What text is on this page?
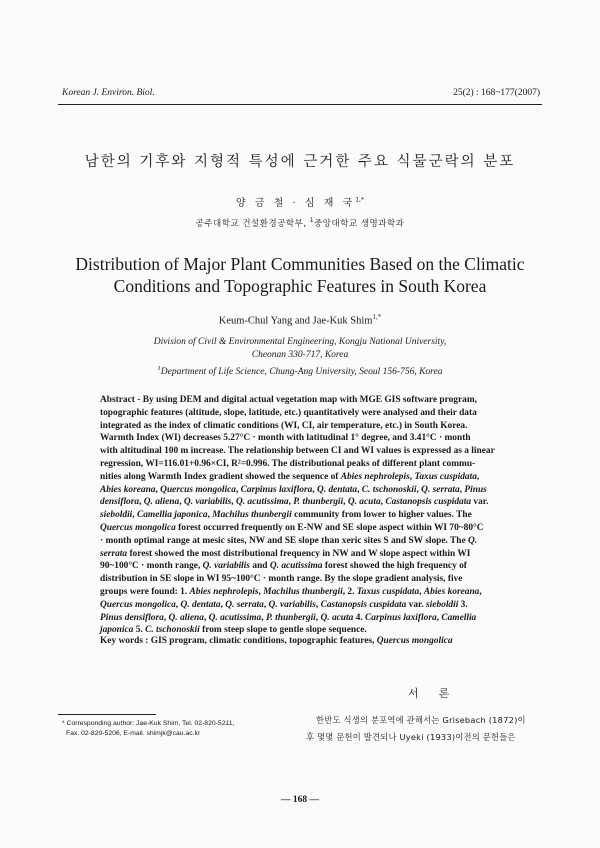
Korean J. Environ. Biol.	25(2) : 168~177(2007)
남한의 기후와 지형적 특성에 근거한 주요 식물군락의 분포
양 금 철 · 심 재 국$^{1,*}$
공주대학교 건설환경공학부, $^1$중앙대학교 생명과학과
Distribution of Major Plant Communities Based on the Climatic
Conditions and Topographic Features in South Korea
Keum-Chul Yang and Jae-Kuk Shim$^{1,*}$
Division of Civil & Environmental Engineering, Kongju National University,
Cheonan 330-717, Korea
$^1$Department of Life Science, Chung-Ang University, Seoul 156-756, Korea
Abstract - By using DEM and digital actual vegetation map with MGE GIS software program,
topographic features (altitude, slope, latitude, etc.) quantitatively were analysed and their data
integrated as the index of climatic conditions (WI, CI, air temperature, etc.) in South Korea.
Warmth Index (WI) decreases 5.27°C · month with latitudinal 1° degree, and 3.41°C · month
with altitudinal 100 m increase. The relationship between CI and WI values is expressed as a linear
regression, WI=116.01+0.96×CI, R²=0.996. The distributional peaks of different plant commu-
nities along Warmth Index gradient showed the sequence of Abies nephrolepis, Taxus cuspidata,
Abies koreana, Quercus mongolica, Carpinus laxiflora, Q. dentata, C. tschonoskii, Q. serrata, Pinus
densiflora, Q. aliena, Q. variabilis, Q. acutissima, P. thunbergii, Q. acuta, Castanopsis cuspidata var.
sieboldii, Camellia japonica, Machilus thunbergii community from lower to higher values. The
Quercus mongolica forest occurred frequently on E-NW and SE slope aspect within WI 70~80°C
· month optimal range at mesic sites, NW and SE slope than xeric sites S and SW slope. The Q.
serrata forest showed the most distributional frequency in NW and W slope aspect within WI
90~100°C · month range, Q. variabilis and Q. acutissima forest showed the high frequency of
distribution in SE slope in WI 95~100°C · month range. By the slope gradient analysis, five
groups were found: 1. Abies nephrolepis, Machilus thunbergii, 2. Taxus cuspidata, Abies koreana,
Quercus mongolica, Q. dentata, Q. serrata, Q. variabilis, Castanopsis cuspidata var. sieboldii 3.
Pinus densiflora, Q. aliena, Q. acutissima, P. thunbergii, Q. acuta 4. Carpinus laxiflora, Camellia
japonica 5. C. tschonoskii from steep slope to gentle slope sequence.
Key words : GIS program, climatic conditions, topographic features, Quercus mongolica
서론
* Corresponding author: Jae-Kuk Shim, Tel. 02-820-5211,
Fax. 02-820-5206, E-mail. shimjk@cau.ac.kr
한반도 식생의 분포역에 관해서는 Grisebach (1872)이
후 몇몇 문헌이 발견되나 Uyeki (1933)이전의 문헌들은
— 168 —
